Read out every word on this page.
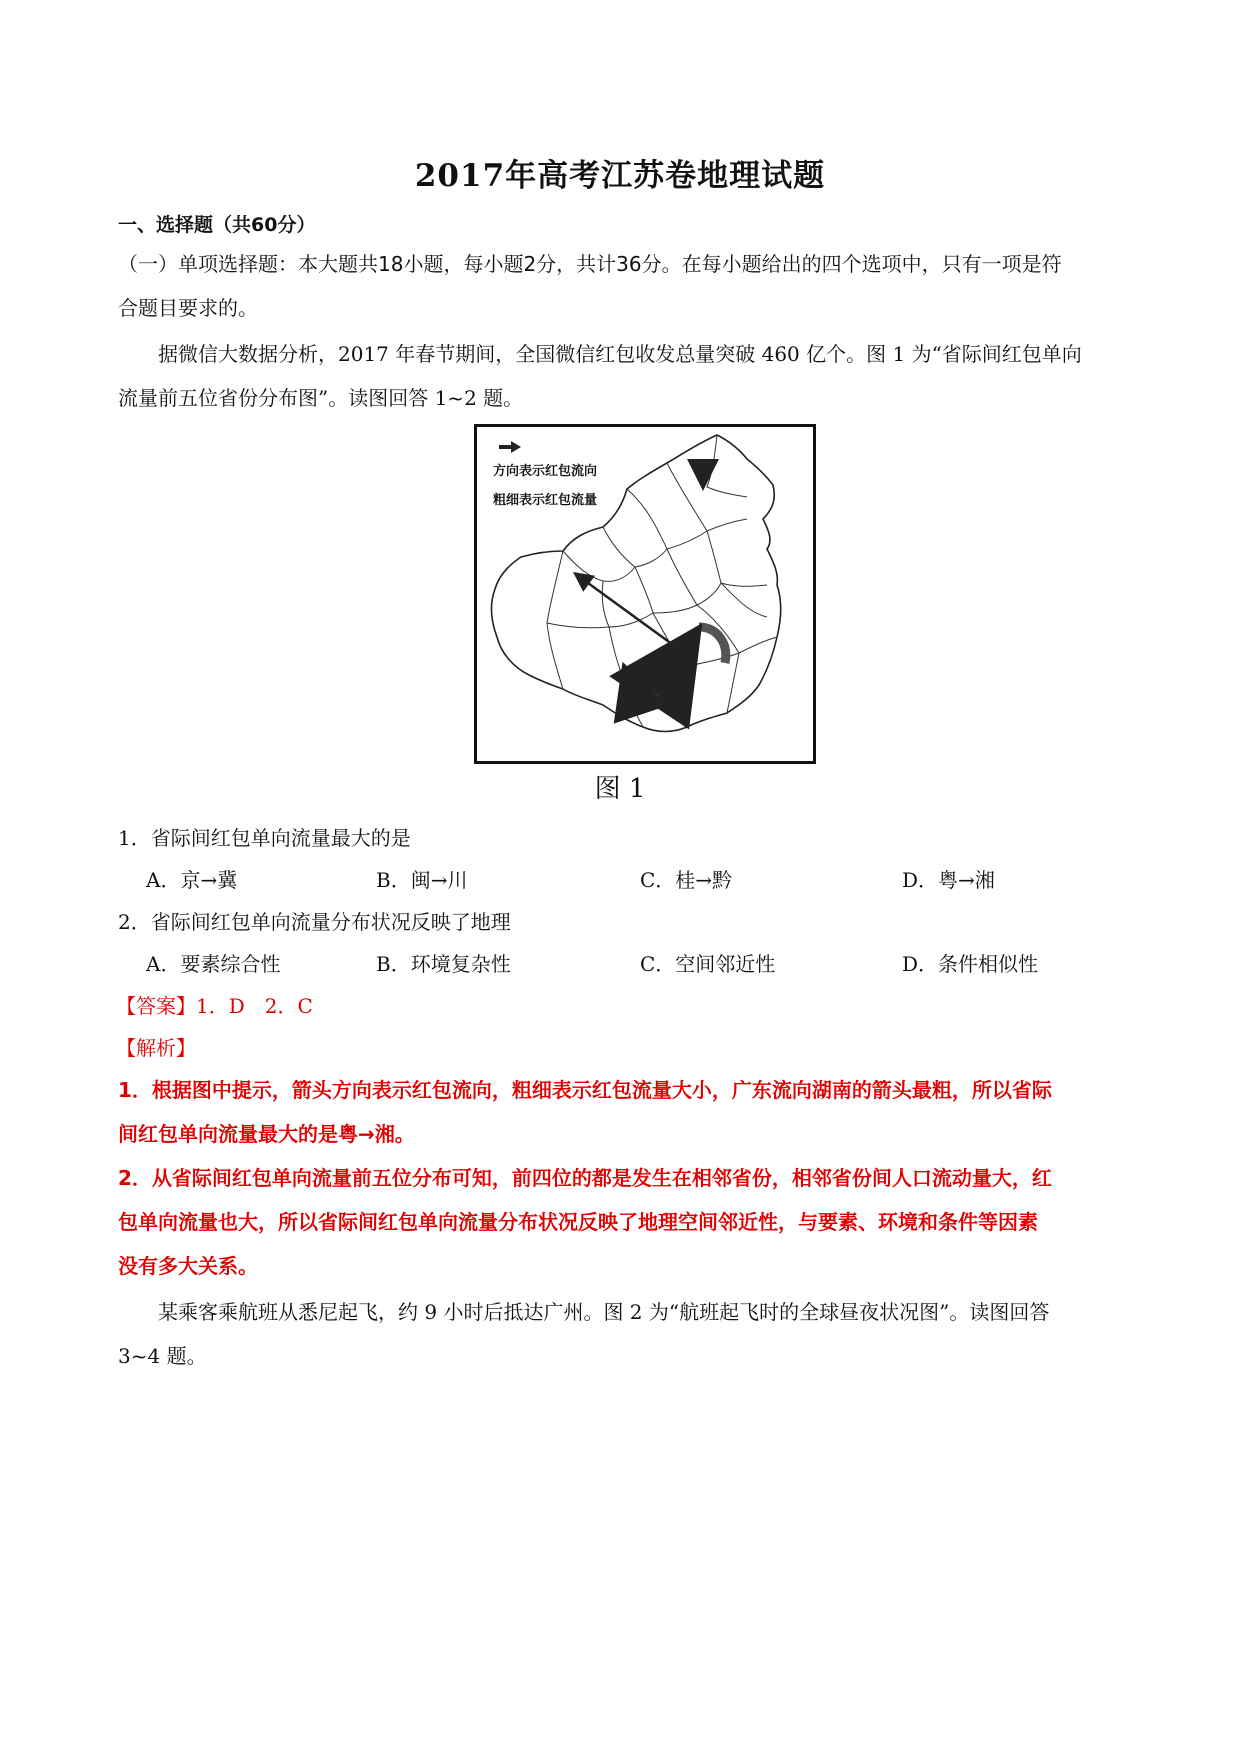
2017年高考江苏卷地理试题
一、选择题（共60分）
（一）单项选择题：本大题共18小题，每小题2分，共计36分。在每小题给出的四个选项中，只有一项是符
合题目要求的。
据微信大数据分析，2017 年春节期间，全国微信红包收发总量突破 460 亿个。图 1 为“省际间红包单向
流量前五位省份分布图”。读图回答 1~2 题。
方向表示红包流向
粗细表示红包流量
图 1
1．省际间红包单向流量最大的是
A．京→冀	B．闽→川	C．桂→黔	D．粤→湘
2．省际间红包单向流量分布状况反映了地理
A．要素综合性	B．环境复杂性	C．空间邻近性	D．条件相似性
【答案】1．D　2．C
【解析】
1．根据图中提示，箭头方向表示红包流向，粗细表示红包流量大小，广东流向湖南的箭头最粗，所以省际
间红包单向流量最大的是粤→湘。
2．从省际间红包单向流量前五位分布可知，前四位的都是发生在相邻省份，相邻省份间人口流动量大，红
包单向流量也大，所以省际间红包单向流量分布状况反映了地理空间邻近性，与要素、环境和条件等因素
没有多大关系。
某乘客乘航班从悉尼起飞，约 9 小时后抵达广州。图 2 为“航班起飞时的全球昼夜状况图”。读图回答
3~4 题。
